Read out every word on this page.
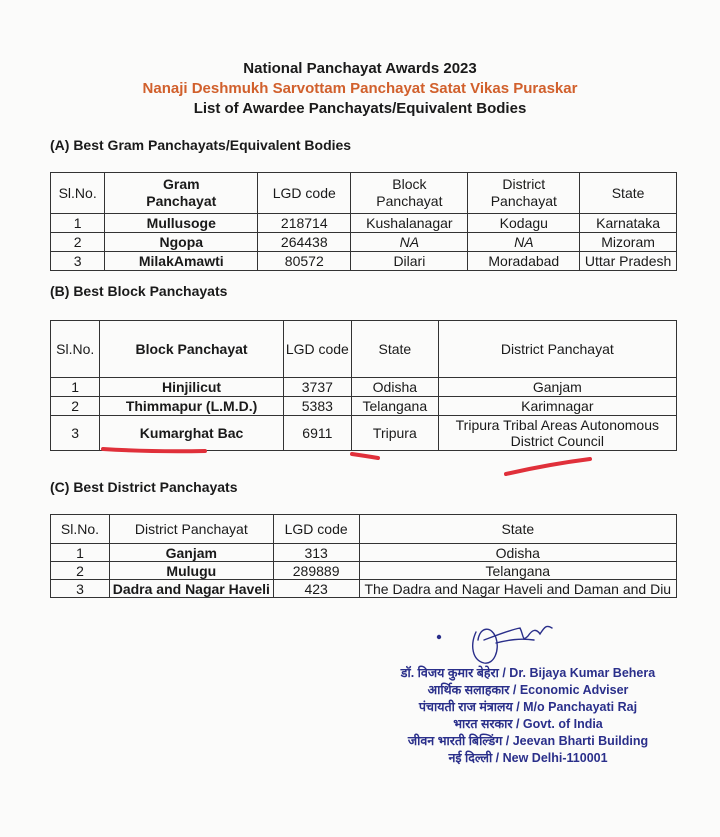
National Panchayat Awards 2023
Nanaji Deshmukh Sarvottam Panchayat Satat Vikas Puraskar
List of Awardee Panchayats/Equivalent Bodies
(A) Best Gram Panchayats/Equivalent Bodies
Sl.No.	Gram Panchayat	LGD code	Block Panchayat	District Panchayat	State
1	Mullusoge	218714	Kushalanagar	Kodagu	Karnataka
2	Ngopa	264438	NA	NA	Mizoram
3	MilakAmawti	80572	Dilari	Moradabad	Uttar Pradesh
(B) Best Block Panchayats
Sl.No.	Block Panchayat	LGD code	State	District Panchayat
1	Hinjilicut	3737	Odisha	Ganjam
2	Thimmapur (L.M.D.)	5383	Telangana	Karimnagar
3	Kumarghat Bac	6911	Tripura	Tripura Tribal Areas Autonomous District Council
(C) Best District Panchayats
Sl.No.	District Panchayat	LGD code	State
1	Ganjam	313	Odisha
2	Mulugu	289889	Telangana
3	Dadra and Nagar Haveli	423	The Dadra and Nagar Haveli and Daman and Diu
डॉ. विजय कुमार बेहेरा / Dr. Bijaya Kumar Behera
आर्थिक सलाहकार / Economic Adviser
पंचायती राज मंत्रालय / M/o Panchayati Raj
भारत सरकार / Govt. of India
जीवन भारती बिल्डिंग / Jeevan Bharti Building
नई दिल्ली / New Delhi-110001
